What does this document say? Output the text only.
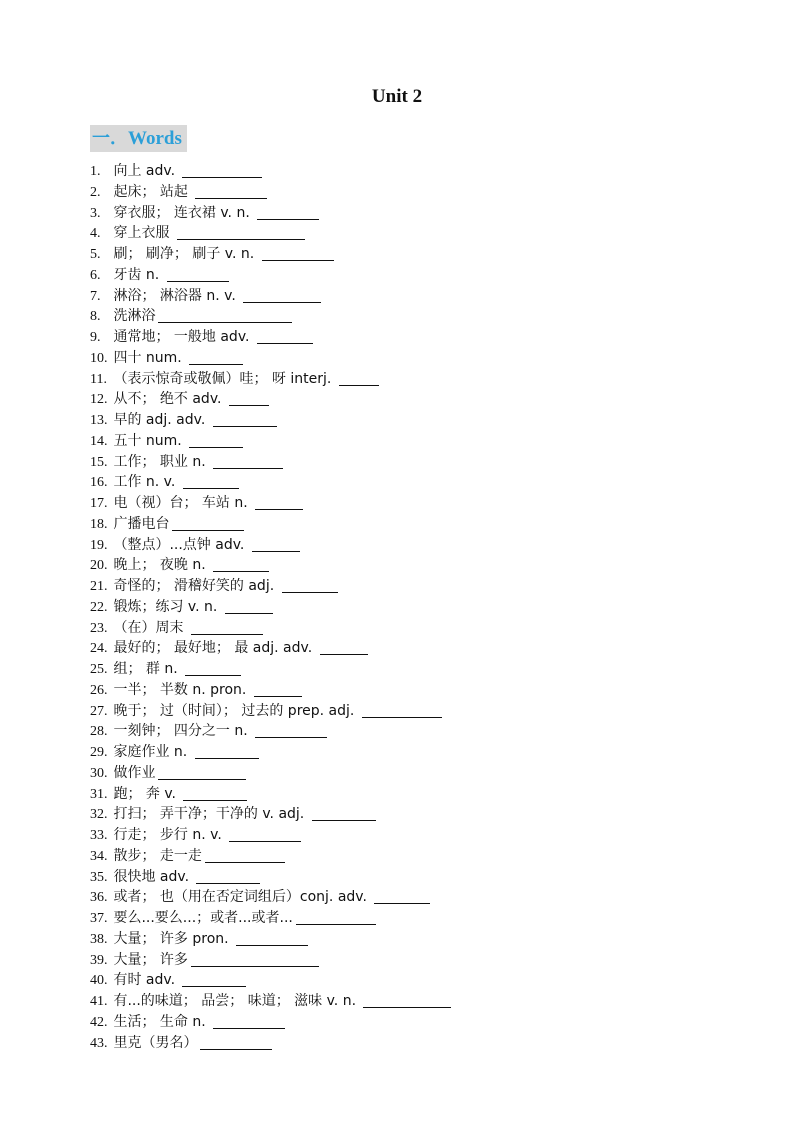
Unit 2
一．Words
1. 向上 adv.
2. 起床； 站起
3. 穿衣服； 连衣裙 v. n.
4. 穿上衣服
5. 刷； 刷净； 刷子 v. n.
6. 牙齿 n.
7. 淋浴； 淋浴器 n. v.
8. 洗淋浴
9. 通常地； 一般地 adv.
10. 四十 num.
11. （表示惊奇或敬佩）哇； 呀 interj.
12. 从不； 绝不 adv.
13. 早的 adj. adv.
14. 五十 num.
15. 工作； 职业 n.
16. 工作 n. v.
17. 电（视）台； 车站 n.
18. 广播电台
19. （整点）...点钟 adv.
20. 晚上； 夜晚 n.
21. 奇怪的； 滑稽好笑的 adj.
22. 锻炼；练习 v. n.
23. （在）周末
24. 最好的； 最好地； 最 adj. adv.
25. 组； 群 n.
26. 一半； 半数 n. pron.
27. 晚于； 过（时间）； 过去的 prep. adj.
28. 一刻钟； 四分之一 n.
29. 家庭作业 n.
30. 做作业
31. 跑； 奔 v.
32. 打扫； 弄干净；干净的 v. adj.
33. 行走； 步行 n. v.
34. 散步； 走一走
35. 很快地 adv.
36. 或者； 也（用在否定词组后）conj. adv.
37. 要么...要么...；或者...或者...
38. 大量； 许多 pron.
39. 大量； 许多
40. 有时 adv.
41. 有...的味道； 品尝； 味道； 滋味 v. n.
42. 生活； 生命 n.
43. 里克（男名）
